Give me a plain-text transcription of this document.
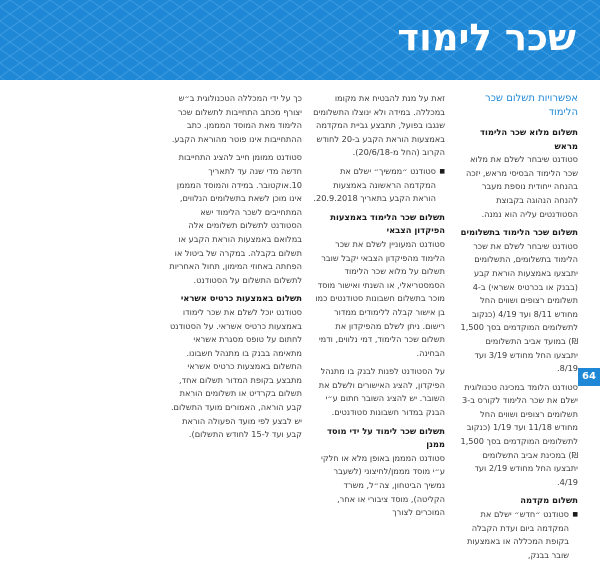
שכר לימוד
אפשרויות תשלום שכר הלימוד
תשלום מלוא שכר הלימוד מראש

סטודנט שיבחר לשלם את מלוא שכר הלימוד הבסיסי מראש, יזכה בהנחה ייחודית נוספת מעבר להנחה הנהוגה בקבוצת הסטודנטים עליה הוא נמנה.

תשלום שכר הלימוד בתשלומים

סטודנט שיבחר לשלם את שכר הלימוד בתשלומים, התשלומים יתבצעו באמצעות הוראת קבע (בבנק או בכרטיס אשראי) ב-4 תשלומים רצופים ושווים החל מחודש 8/11 ועד 4/19 (כנקוב לתשלומים המוקדמים בסך 1,500 ₪) במועד אביב התשלומים יתבצעו החל מחודש 3/19 ועד 8/19.

סטודנט הלומד במכינה טכנולוגית ישלם את שכר הלימוד לקורס ב-3 תשלומים רצופים ושווים החל מחודש 11/18 ועד 1/19 (כנקוב לתשלומים המוקדמים בסך 1,500 ₪) במכינת אביב התשלומים יתבצעו החל מחודש 2/19 ועד 4/19.

תשלום מקדמה

■ סטודנט ״חדש״ ישלם את המקדמה ביום ועדת הקבלה בקופת המכללה או באמצעות שובר בבנק,

זאת על מנת להבטיח את מקומו במכללה. במידה ולא ינוצלו התשלומים שנגבו בפועל, תתבצע גביית המקדמה באמצעות הוראת הקבע ב-20 לחודש הקרוב (החל מ-20/6/18).

■ סטודנט ״ממשיך״ ישלם את המקדמה הראשונה באמצעות הוראת הקבע בתאריך 20.9.2018.

תשלום שכר הלימוד באמצעות הפיקדון הצבאי

סטודנט המעוניין לשלם את שכר הלימוד מהפיקדון הצבאי יקבל שובר תשלום על מלוא שכר הלימוד הסמסטריאלי, או השנתי ואישור מוסד מוכר בתשלום חשבונות סטודנטים כמו בן אישור קבלה ללימודים ממדור רישום. ניתן לשלם מהפיקדון את תשלום שכר הלימוד, דמי נלווים, ודמי הבחינה.

על הסטודנט לפנות לבנק בו מתנהל הפיקדון, להציג האישורים ולשלם את השובר. יש להציג השובר חתום ע״י הבנק במדור חשבונות סטודנטים.

תשלום שכר לימוד על ידי מוסד ממנן

סטודנט המממן באופן מלא או חלקי ע״י מוסד מממן/לחיצוני (לשעבר נמשיך הביטחון, צה״ל, משרד הקליטה), מוסד ציבורי או אחר, המוכרים לצורך

כך על ידי המכללה הטכנולוגית ב״ש יצורף מכתב התחייבות לתשלום שכר הלימוד מאת המוסד המממן. כתב ההתחייבות אינו פוטר מהוראת הקבע.

סטודנט ממומן חייב להציג התחייבות חדשה מדי שנה עד לתאריך 10.אוקטובר. במידה והמוסד המממן אינו מוכן לשאת בתשלומים הנלווים, המתחייבים לשכר הלימוד ישא הסטודנט לתשלום תשלומים אלה במלואם באמצעות הוראת הקבע או תשלום בקבלה. במקרה של ביטול או הפחתה באחוזי המימון, תחול האחריות לתשלום התשלום על הסטודנט.

תשלום באמצעות כרטיס אשראי

סטודנט יוכל לשלם את שכר לימודו באמצעות כרטיס אשראי. על הסטודנט לחתום על טופס מסגרת אשראי מתאימה בבנק בו מתנהל חשבונו. התשלום באמצעות כרטיס אשראי מתבצע בקופת המדור תשלום אחד, תשלום בקרדיט או תשלומים הוראת קבע הוראה, האמורים מועד התשלום. יש לבצע לפי מועד הפעולה הוראת קבע ועד ל-15 לחודש התשלום).

64
